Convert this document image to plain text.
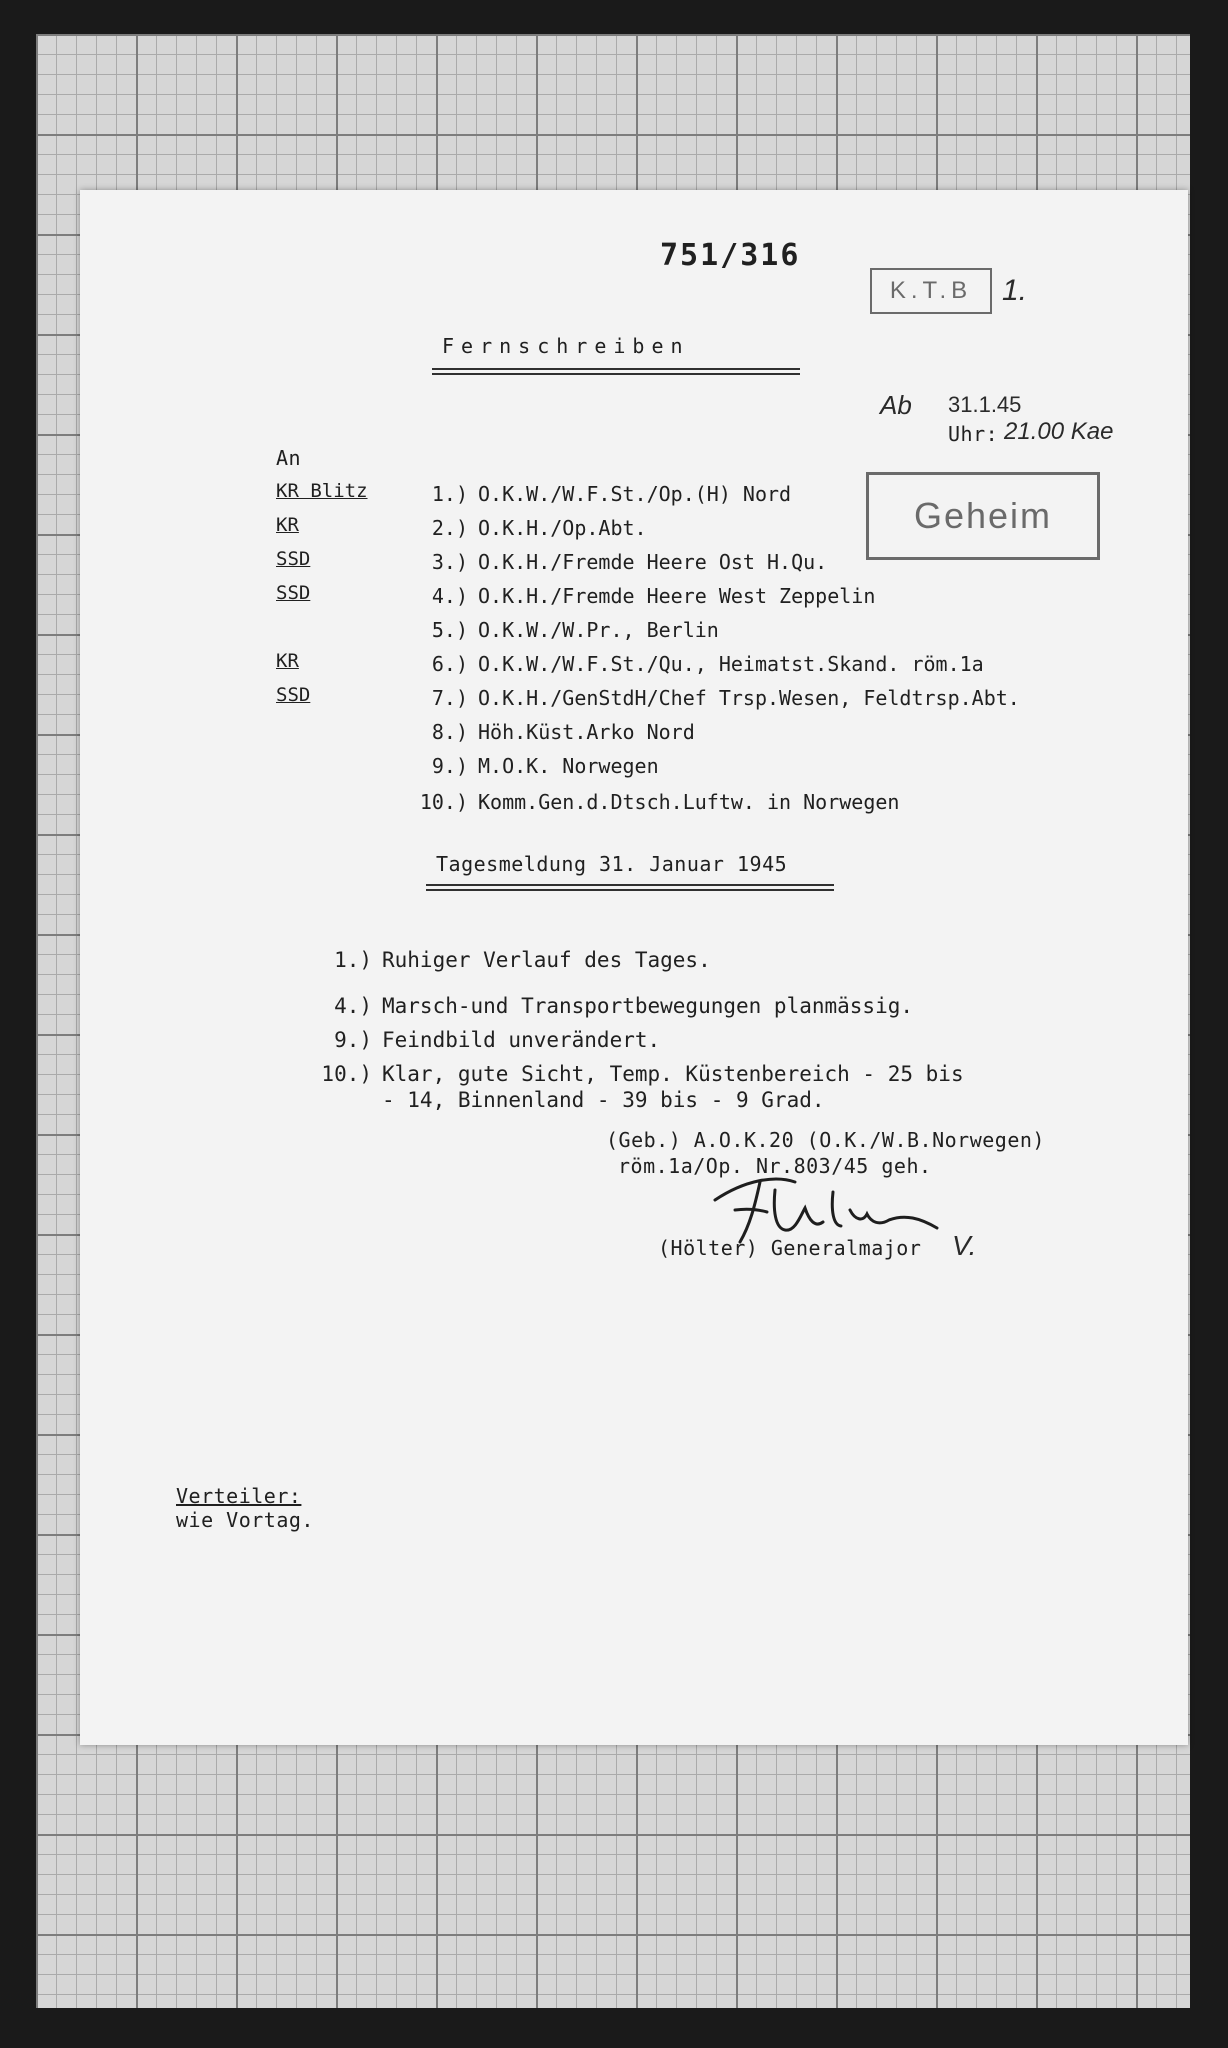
751/316
K.T.B 1.
Fernschreiben
Ab 31.1.45
Uhr: 21.00 Kae
Geheim
An
KR Blitz	1.) O.K.W./W.F.St./Op.(H) Nord
KR	2.) O.K.H./Op.Abt.
SSD	3.) O.K.H./Fremde Heere Ost H.Qu.
SSD	4.) O.K.H./Fremde Heere West Zeppelin
5.) O.K.W./W.Pr., Berlin
KR	6.) O.K.W./W.F.St./Qu., Heimatst.Skand. röm.1a
SSD	7.) O.K.H./GenStdH/Chef Trsp.Wesen, Feldtrsp.Abt.
8.) Höh.Küst.Arko Nord
9.) M.O.K. Norwegen
10.) Komm.Gen.d.Dtsch.Luftw. in Norwegen
Tagesmeldung 31. Januar 1945
1.) Ruhiger Verlauf des Tages.
4.) Marsch-und Transportbewegungen planmässig.
9.) Feindbild unverändert.
10.) Klar, gute Sicht, Temp. Küstenbereich - 25 bis
- 14, Binnenland - 39 bis - 9 Grad.
(Geb.) A.O.K.20 (O.K./W.B.Norwegen)
röm.1a/Op. Nr.803/45 geh.
(Hölter) Generalmajor V.
Verteiler:
wie Vortag.
